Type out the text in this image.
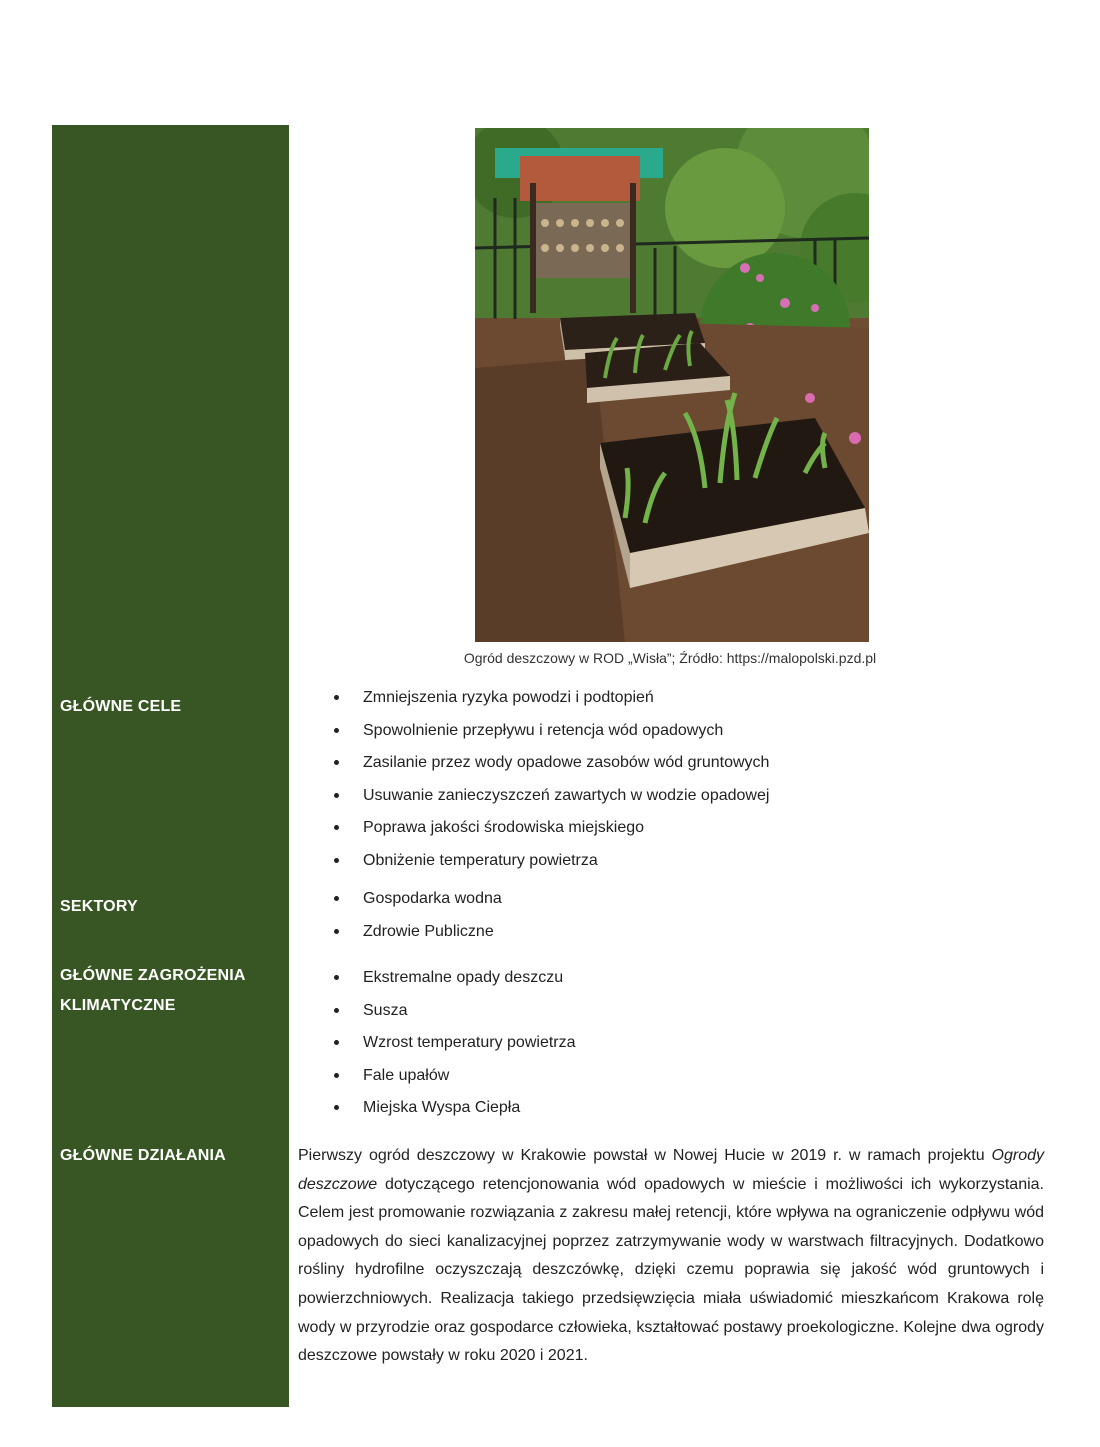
Ogród deszczowy w ROD „Wisła”; Źródło: https://malopolski.pzd.pl
GŁÓWNE CELE
Zmniejszenia ryzyka powodzi i podtopień
Spowolnienie przepływu i retencja wód opadowych
Zasilanie przez wody opadowe zasobów wód gruntowych
Usuwanie zanieczyszczeń zawartych w wodzie opadowej
Poprawa jakości środowiska miejskiego
Obniżenie temperatury powietrza
SEKTORY	Gospodarka wodna
Zdrowie Publiczne
GŁÓWNE ZAGROŻENIA
KLIMATYCZNE
Ekstremalne opady deszczu
Susza
Wzrost temperatury powietrza
Fale upałów
Miejska Wyspa Ciepła
GŁÓWNE DZIAŁANIA	Pierwszy ogród deszczowy w Krakowie powstał w Nowej Hucie w 2019 r. w ramach projektu Ogrody deszczowe dotyczącego retencjonowania wód opadowych w mieście i możliwości ich wykorzystania. Celem jest promowanie rozwiązania z zakresu małej retencji, które wpływa na ograniczenie odpływu wód opadowych do sieci kanalizacyjnej poprzez zatrzymywanie wody w warstwach filtracyjnych. Dodatkowo rośliny hydrofilne oczyszczają deszczówkę, dzięki czemu poprawia się jakość wód gruntowych i powierzchniowych. Realizacja takiego przedsięwzięcia miała uświadomić mieszkańcom Krakowa rolę wody w przyrodzie oraz gospodarce człowieka, kształtować postawy proekologiczne. Kolejne dwa ogrody deszczowe powstały w roku 2020 i 2021.
